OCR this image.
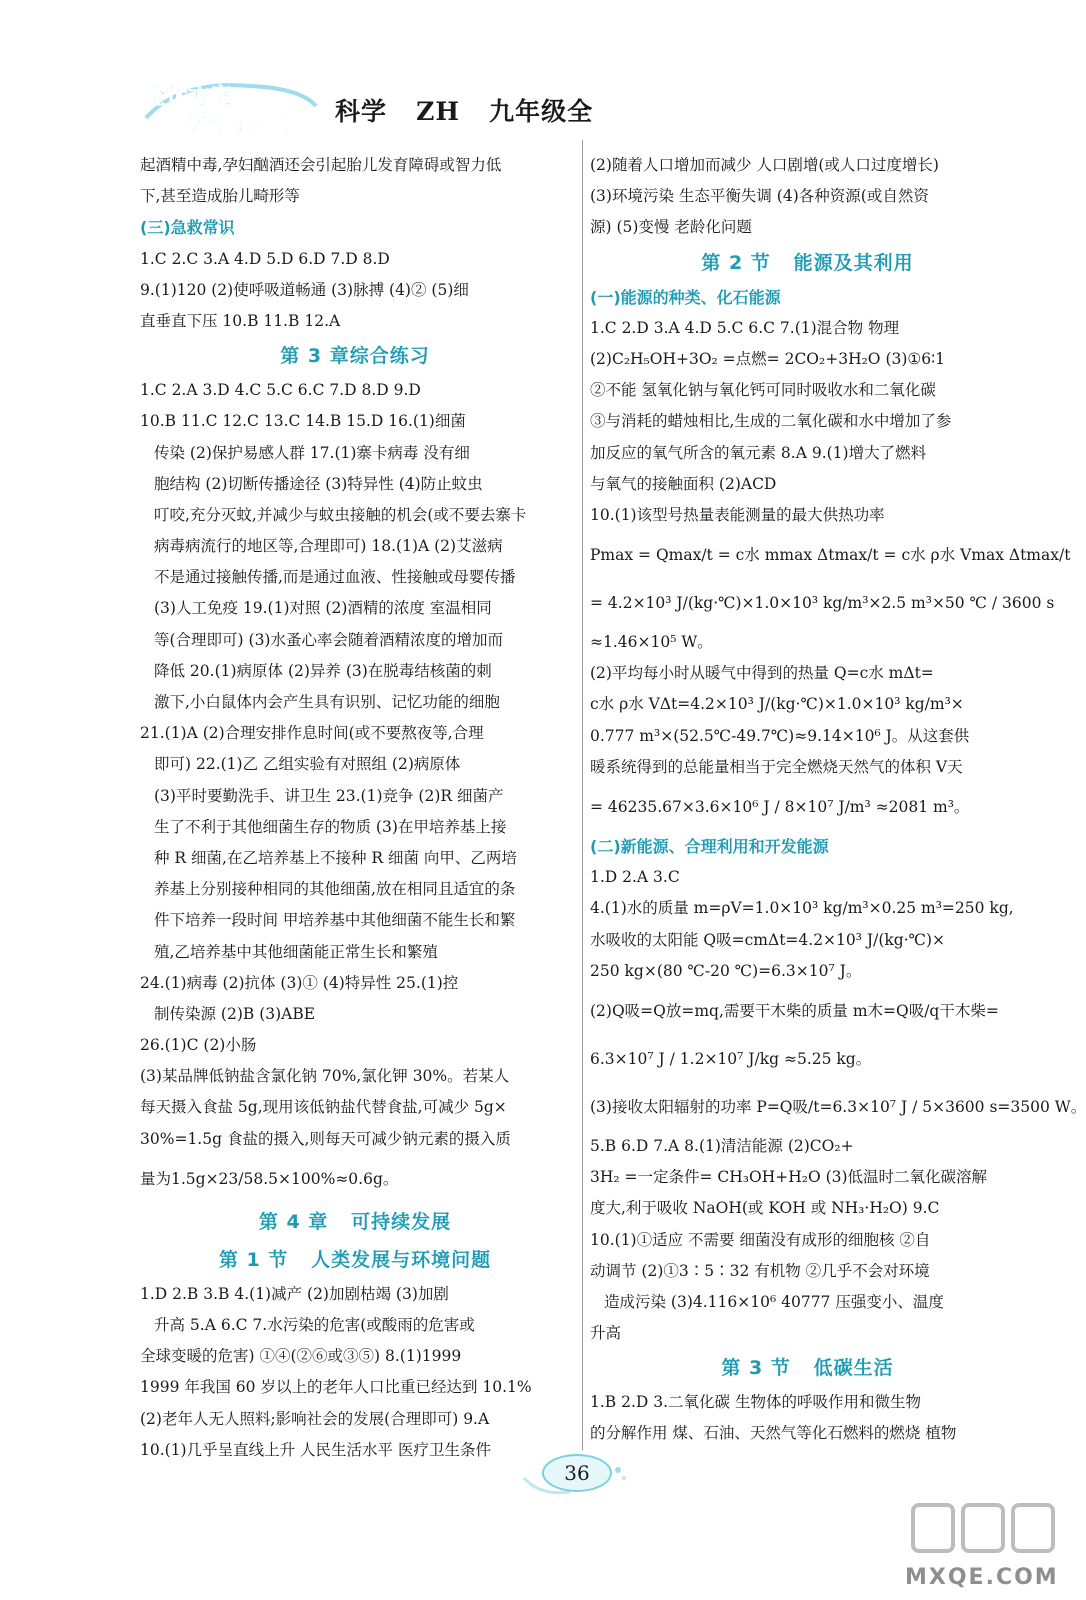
全优方案
夯实与提高 科学   ZH   九年级全
起酒精中毒,孕妇酗酒还会引起胎儿发育障碍或智力低
下,甚至造成胎儿畸形等
(三)急救常识
1.C 2.C 3.A 4.D 5.D 6.D 7.D 8.D
9.(1)120 (2)使呼吸道畅通 (3)脉搏 (4)② (5)细
直垂直下压 10.B 11.B 12.A
第 3 章综合练习
1.C 2.A 3.D 4.C 5.C 6.C 7.D 8.D 9.D
10.B 11.C 12.C 13.C 14.B 15.D 16.(1)细菌
传染 (2)保护易感人群 17.(1)寨卡病毒 没有细
胞结构 (2)切断传播途径 (3)特异性 (4)防止蚊虫
叮咬,充分灭蚊,并减少与蚊虫接触的机会(或不要去寨卡
病毒病流行的地区等,合理即可) 18.(1)A (2)艾滋病
不是通过接触传播,而是通过血液、性接触或母婴传播
(3)人工免疫 19.(1)对照 (2)酒精的浓度 室温相同
等(合理即可) (3)水蚤心率会随着酒精浓度的增加而
降低 20.(1)病原体 (2)异养 (3)在脱毒结核菌的刺
激下,小白鼠体内会产生具有识别、记忆功能的细胞
21.(1)A (2)合理安排作息时间(或不要熬夜等,合理
即可) 22.(1)乙 乙组实验有对照组 (2)病原体
(3)平时要勤洗手、讲卫生 23.(1)竞争 (2)R 细菌产
生了不利于其他细菌生存的物质 (3)在甲培养基上接
种 R 细菌,在乙培养基上不接种 R 细菌 向甲、乙两培
养基上分别接种相同的其他细菌,放在相同且适宜的条
件下培养一段时间 甲培养基中其他细菌不能生长和繁
殖,乙培养基中其他细菌能正常生长和繁殖
24.(1)病毒 (2)抗体 (3)① (4)特异性 25.(1)控
制传染源 (2)B (3)ABE
26.(1)C (2)小肠
(3)某品牌低钠盐含氯化钠 70%,氯化钾 30%。若某人
每天摄入食盐 5g,现用该低钠盐代替食盐,可减少 5g×
30%=1.5g 食盐的摄入,则每天可减少钠元素的摄入质
量为1.5g×23/58.5×100%≈0.6g。
第 4 章   可持续发展
第 1 节   人类发展与环境问题
1.D 2.B 3.B 4.(1)减产 (2)加剧枯竭 (3)加剧
升高 5.A 6.C 7.水污染的危害(或酸雨的危害或
全球变暖的危害) ①④(②⑥或③⑤) 8.(1)1999
1999 年我国 60 岁以上的老年人口比重已经达到 10.1%
(2)老年人无人照料;影响社会的发展(合理即可) 9.A
10.(1)几乎呈直线上升 人民生活水平 医疗卫生条件
(2)随着人口增加而减少 人口剧增(或人口过度增长)
(3)环境污染 生态平衡失调 (4)各种资源(或自然资
源) (5)变慢 老龄化问题
第 2 节   能源及其利用
(一)能源的种类、化石能源
1.C 2.D 3.A 4.D 5.C 6.C 7.(1)混合物 物理
(2)C₂H₅OH+3O₂ =点燃= 2CO₂+3H₂O (3)①6∶1
②不能 氢氧化钠与氧化钙可同时吸收水和二氧化碳
③与消耗的蜡烛相比,生成的二氧化碳和水中增加了参
加反应的氧气所含的氧元素 8.A 9.(1)增大了燃料
与氧气的接触面积 (2)ACD
10.(1)该型号热量表能测量的最大供热功率
Pmax = Qmax/t = c水 mmax Δtmax/t = c水 ρ水 Vmax Δtmax/t
= 4.2×10³ J/(kg·℃)×1.0×10³ kg/m³×2.5 m³×50 ℃ / 3600 s
≈1.46×10⁵ W。
(2)平均每小时从暖气中得到的热量 Q=c水 mΔt=
c水 ρ水 VΔt=4.2×10³ J/(kg·℃)×1.0×10³ kg/m³×
0.777 m³×(52.5℃-49.7℃)≈9.14×10⁶ J。从这套供
暖系统得到的总能量相当于完全燃烧天然气的体积 V天
= 46235.67×3.6×10⁶ J / 8×10⁷ J/m³ ≈2081 m³。
(二)新能源、合理利用和开发能源
1.D 2.A 3.C
4.(1)水的质量 m=ρV=1.0×10³ kg/m³×0.25 m³=250 kg,
水吸收的太阳能 Q吸=cmΔt=4.2×10³ J/(kg·℃)×
250 kg×(80 ℃-20 ℃)=6.3×10⁷ J。
(2)Q吸=Q放=mq,需要干木柴的质量 m木=Q吸/q干木柴=
6.3×10⁷ J / 1.2×10⁷ J/kg ≈5.25 kg。
(3)接收太阳辐射的功率 P=Q吸/t=6.3×10⁷ J / 5×3600 s=3500 W。
5.B 6.D 7.A 8.(1)清洁能源 (2)CO₂+
3H₂ =一定条件= CH₃OH+H₂O (3)低温时二氧化碳溶解
度大,利于吸收 NaOH(或 KOH 或 NH₃·H₂O) 9.C
10.(1)①适应 不需要 细菌没有成形的细胞核 ②自
动调节 (2)①3∶5∶32 有机物 ②几乎不会对环境
造成污染 (3)4.116×10⁶ 40777 压强变小、温度
升高
第 3 节   低碳生活
1.B 2.D 3.二氧化碳 生物体的呼吸作用和微生物
的分解作用 煤、石油、天然气等化石燃料的燃烧 植物
36
MXQE.COM
